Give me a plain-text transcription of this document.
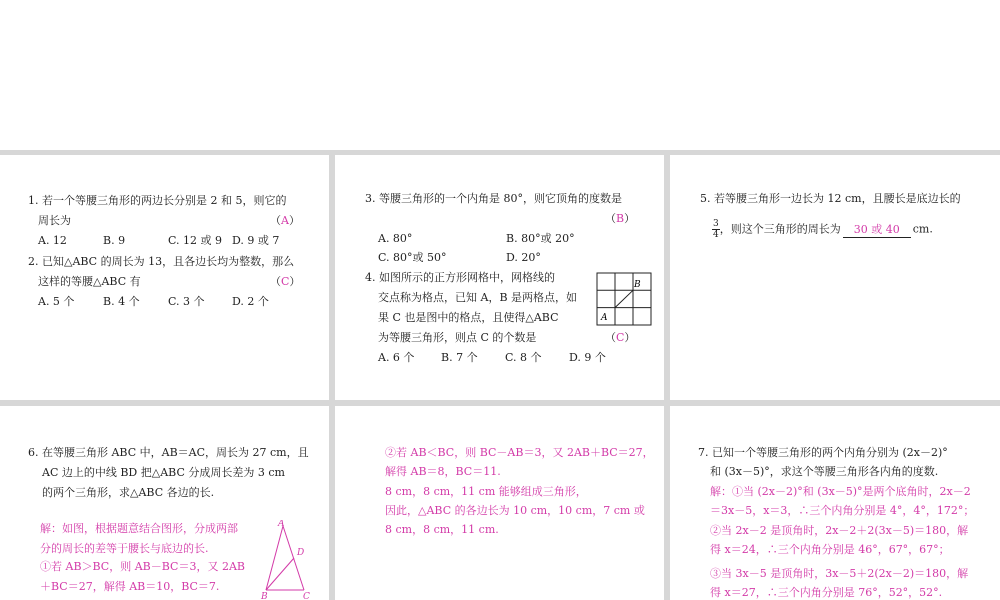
1. 若一个等腰三角形的两边长分别是 2 和 5，则它的
周长为	（A）
A. 12	B. 9	C. 12 或 9 D. 9 或 7
2. 已知△ABC 的周长为 13，且各边长均为整数，那么
这样的等腰△ABC 有	（C）
A. 5 个	B. 4 个	C. 3 个 D. 2 个
3. 等腰三角形的一个内角是 80°，则它顶角的度数是
（B）
A. 80°	B. 80°或 20°
C. 80°或 50°	D. 20°
4. 如图所示的正方形网格中，网格线的
交点称为格点，已知 A，B 是两格点，如
果 C 也是图中的格点，且使得△ABC
为等腰三角形，则点 C 的个数是	（C）
A. 6 个 B. 7 个 C. 8 个 D. 9 个
B
A
5. 若等腰三角形一边长为 12 cm，且腰长是底边长的
$\frac{3}{4}$ ，则这个三角形的周长为 30 或 40 cm.
6. 在等腰三角形 ABC 中，AB＝AC，周长为 27 cm，且
AC 边上的中线 BD 把△ABC 分成周长差为 3 cm
的两个三角形，求△ABC 各边的长.
解：如图，根据题意结合图形，分成两部
分的周长的差等于腰长与底边的长.
①若 AB＞BC，则 AB－BC＝3，又 2AB
＋BC＝27，解得 AB＝10，BC＝7.
A
D
B	C
②若 AB＜BC，则 BC－AB＝3，又 2AB＋BC＝27，
解得 AB＝8，BC＝11.
8 cm，8 cm，11 cm 能够组成三角形，
因此，△ABC 的各边长为 10 cm，10 cm，7 cm 或
8 cm，8 cm，11 cm.
7. 已知一个等腰三角形的两个内角分别为 (2x－2)°
和 (3x－5)°，求这个等腰三角形各内角的度数.
解：①当 (2x－2)°和 (3x－5)°是两个底角时，2x－2
＝3x－5，x＝3，∴三个内角分别是 4°，4°，172°；
②当 2x－2 是顶角时，2x－2＋2(3x－5)＝180，解
得 x＝24，∴三个内角分别是 46°，67°，67°；
③当 3x－5 是顶角时，3x－5＋2(2x－2)＝180，解
得 x＝27，∴三个内角分别是 76°，52°，52°.
